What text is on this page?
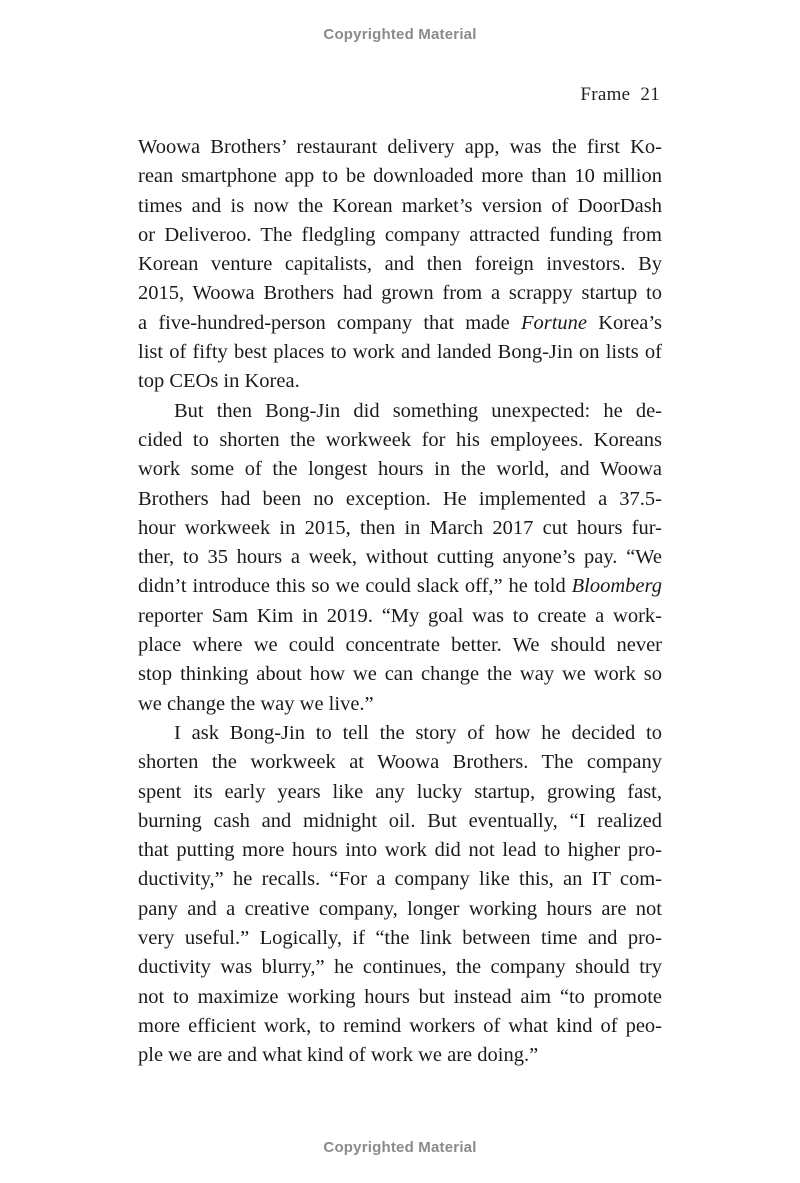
Copyrighted Material
Frame 21
Woowa Brothers’ restaurant delivery app, was the first Ko-
rean smartphone app to be downloaded more than 10 million
times and is now the Korean market’s version of DoorDash
or Deliveroo. The fledgling company attracted funding from
Korean venture capitalists, and then foreign investors. By
2015, Woowa Brothers had grown from a scrappy startup to
a five-hundred-person company that made Fortune Korea’s
list of fifty best places to work and landed Bong-Jin on lists of
top CEOs in Korea.
But then Bong-Jin did something unexpected: he de-
cided to shorten the workweek for his employees. Koreans
work some of the longest hours in the world, and Woowa
Brothers had been no exception. He implemented a 37.5-
hour workweek in 2015, then in March 2017 cut hours fur-
ther, to 35 hours a week, without cutting anyone’s pay. “We
didn’t introduce this so we could slack off,” he told Bloomberg
reporter Sam Kim in 2019. “My goal was to create a work-
place where we could concentrate better. We should never
stop thinking about how we can change the way we work so
we change the way we live.”
I ask Bong-Jin to tell the story of how he decided to
shorten the workweek at Woowa Brothers. The company
spent its early years like any lucky startup, growing fast,
burning cash and midnight oil. But eventually, “I realized
that putting more hours into work did not lead to higher pro-
ductivity,” he recalls. “For a company like this, an IT com-
pany and a creative company, longer working hours are not
very useful.” Logically, if “the link between time and pro-
ductivity was blurry,” he continues, the company should try
not to maximize working hours but instead aim “to promote
more efficient work, to remind workers of what kind of peo-
ple we are and what kind of work we are doing.”
Copyrighted Material
